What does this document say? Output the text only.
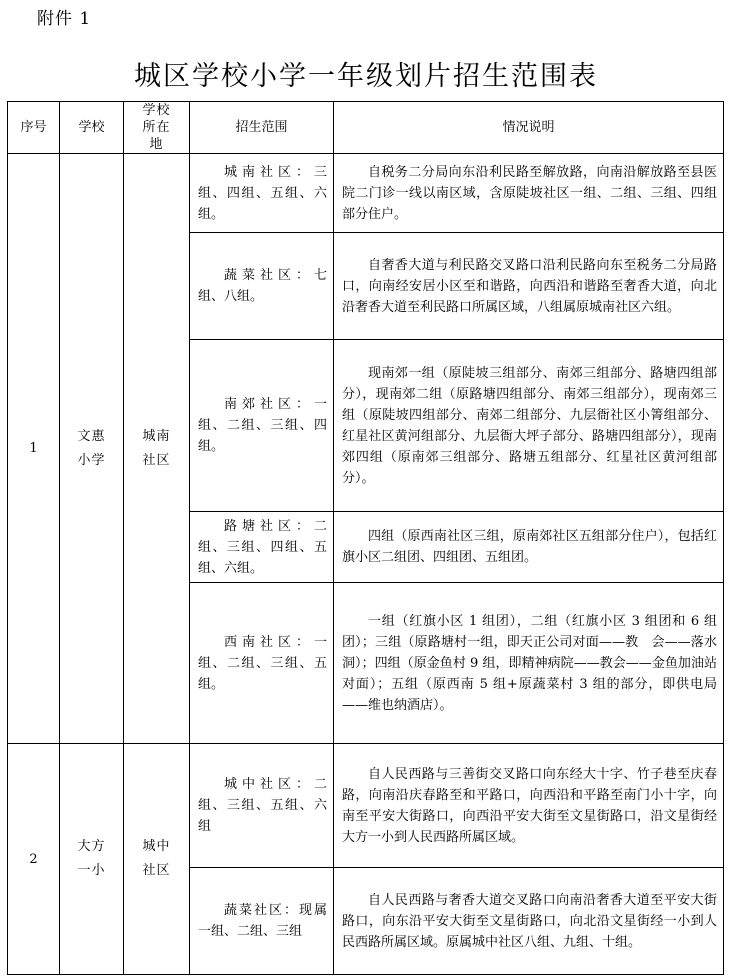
附件 1
城区学校小学一年级划片招生范围表
序号	学校	学校所在地	招生范围	情况说明
1	文惠小学	城南社区	城南社区：三组、四组、五组、六组。	自税务二分局向东沿利民路至解放路，向南沿解放路至县医院二门诊一线以南区域，含原陡坡社区一组、二组、三组、四组部分住户。

			蔬菜社区：七组、八组。	自奢香大道与利民路交叉路口沿利民路向东至税务二分局路口，向南经安居小区至和谐路，向西沿和谐路至奢香大道，向北沿奢香大道至利民路口所属区域，八组属原城南社区六组。

			南郊社区：一组、二组、三组、四组。	现南郊一组（原陡坡三组部分、南郊三组部分、路塘四组部分），现南郊二组（原路塘四组部分、南郊三组部分），现南郊三组（原陡坡四组部分、南郊二组部分、九层衙社区小箐组部分、红星社区黄河组部分、九层衙大坪子部分、路塘四组部分），现南郊四组（原南郊三组部分、路塘五组部分、红星社区黄河组部分）。

			路塘社区：二组、三组、四组、五组、六组。	四组（原西南社区三组，原南郊社区五组部分住户），包括红旗小区二组团、四组团、五组团。

			西南社区：一组、二组、三组、五组。	一组（红旗小区 1 组团），二组（红旗小区 3 组团和 6 组团）；三组（原路塘村一组，即天正公司对面——教　会——落水洞）；四组（原金鱼村 9 组，即精神病院——教会——金鱼加油站对面）；五组（原西南 5 组+原蔬菜村 3 组的部分，即供电局——维也纳酒店）。

2	大方一小	城中社区	城中社区：二组、三组、五组、六组	自人民西路与三善街交叉路口向东经大十字、竹子巷至庆春路，向南沿庆春路至和平路口，向西沿和平路至南门小十字，向南至平安大街路口，向西沿平安大街至文星街路口，沿文星街经大方一小到人民西路所属区域。

			蔬菜社区：现属一组、二组、三组	自人民西路与奢香大道交叉路口向南沿奢香大道至平安大街路口，向东沿平安大街至文星街路口，向北沿文星街经一小到人民西路所属区域。原属城中社区八组、九组、十组。
